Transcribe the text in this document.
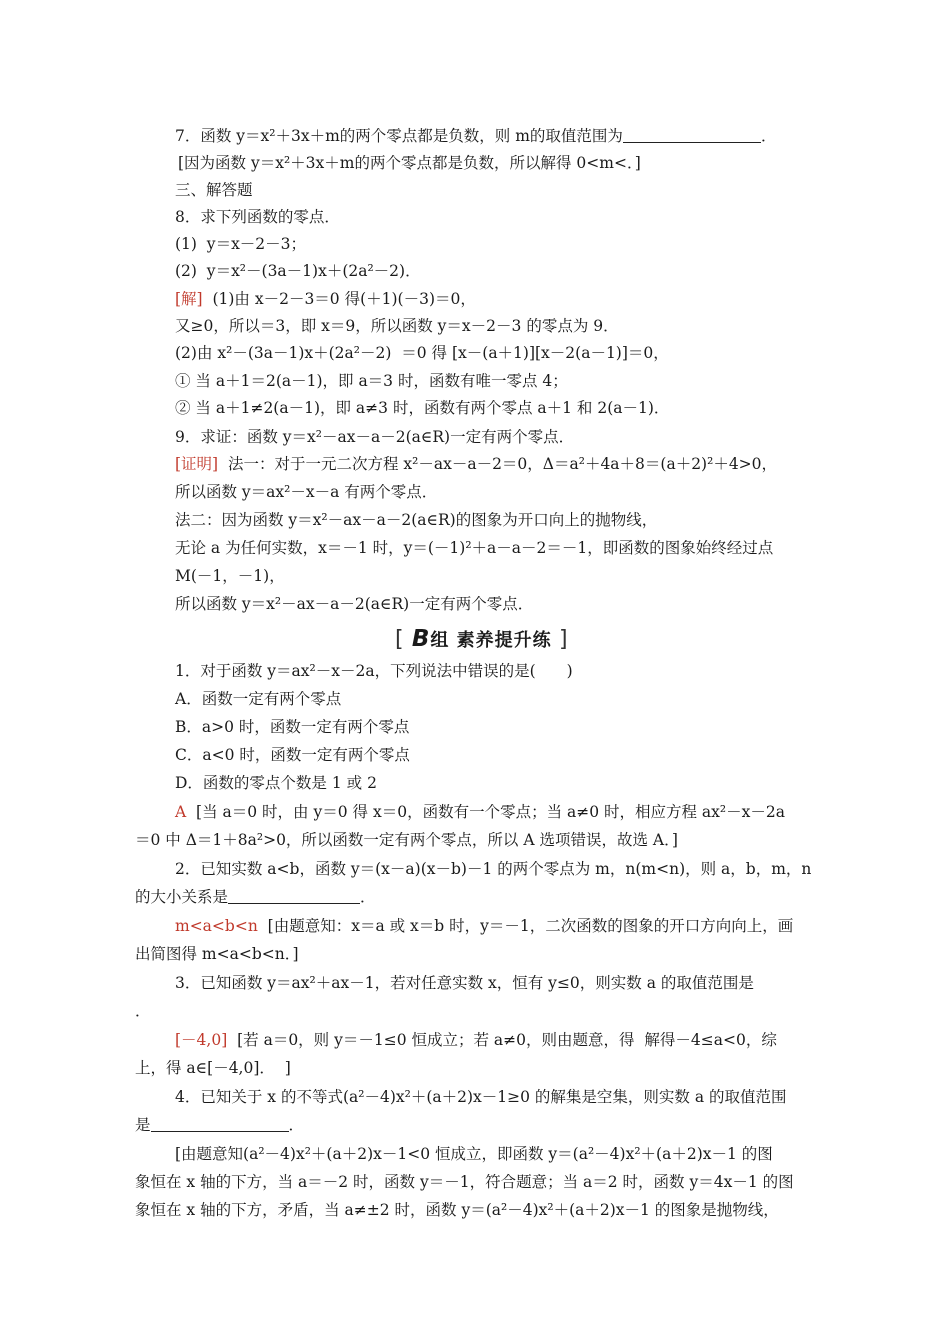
[ B组 素养提升练 ]
7．函数 y＝x²＋3x＋m的两个零点都是负数，则 m的取值范围为	．
[因为函数 y＝x²＋3x＋m的两个零点都是负数，所以解得 0<m<．]
三、解答题
8．求下列函数的零点．
(1)  y＝x－2－3；
(2)  y＝x²－(3a－1)x＋(2a²－2)．
[解]  (1)由 x－2－3＝0 得(＋1)(－3)＝0，
又≥0，所以＝3，即 x＝9，所以函数 y＝x－2－3 的零点为 9．
(2)由 x²－(3a－1)x＋(2a²－2)  ＝0 得 [x－(a＋1)][x－2(a－1)]＝0，
① 当 a＋1＝2(a－1)，即 a＝3 时，函数有唯一零点 4；
② 当 a＋1≠2(a－1)，即 a≠3 时，函数有两个零点 a＋1 和 2(a－1)．
9．求证：函数 y＝x²－ax－a－2(a∈R)一定有两个零点．
[证明]  法一：对于一元二次方程 x²－ax－a－2＝0，Δ＝a²＋4a＋8＝(a＋2)²＋4>0，
所以函数 y＝ax²－x－a 有两个零点．
法二：因为函数 y＝x²－ax－a－2(a∈R)的图象为开口向上的抛物线，
无论 a 为任何实数，x＝－1 时，y＝(－1)²＋a－a－2＝－1，即函数的图象始终经过点
M(－1，－1)，
所以函数 y＝x²－ax－a－2(a∈R)一定有两个零点．
1．对于函数 y＝ax²－x－2a，下列说法中错误的是(　　)
A．函数一定有两个零点
B．a>0 时，函数一定有两个零点
C．a<0 时，函数一定有两个零点
D．函数的零点个数是 1 或 2
A  [当 a＝0 时，由 y＝0 得 x＝0，函数有一个零点；当 a≠0 时，相应方程 ax²－x－2a
＝0 中 Δ＝1＋8a²>0，所以函数一定有两个零点，所以 A 选项错误，故选 A．]
2．已知实数 a<b，函数 y＝(x－a)(x－b)－1 的两个零点为 m，n(m<n)，则 a，b，m，n
的大小关系是	．
m<a<b<n  [由题意知：x＝a 或 x＝b 时，y＝－1，二次函数的图象的开口方向向上，画
出简图得 m<a<b<n．]
3．已知函数 y＝ax²＋ax－1，若对任意实数 x，恒有 y≤0，则实数 a 的取值范围是
．
[－4,0]  [若 a＝0，则 y＝－1≤0 恒成立；若 a≠0，则由题意，得  解得－4≤a<0，综
上，得 a∈[－4,0]．  ]
4．已知关于 x 的不等式(a²－4)x²＋(a＋2)x－1≥0 的解集是空集，则实数 a 的取值范围
是	．
[由题意知(a²－4)x²＋(a＋2)x－1<0 恒成立，即函数 y＝(a²－4)x²＋(a＋2)x－1 的图
象恒在 x 轴的下方，当 a＝－2 时，函数 y＝－1，符合题意；当 a＝2 时，函数 y＝4x－1 的图
象恒在 x 轴的下方，矛盾，当 a≠±2 时，函数 y＝(a²－4)x²＋(a＋2)x－1 的图象是抛物线，
